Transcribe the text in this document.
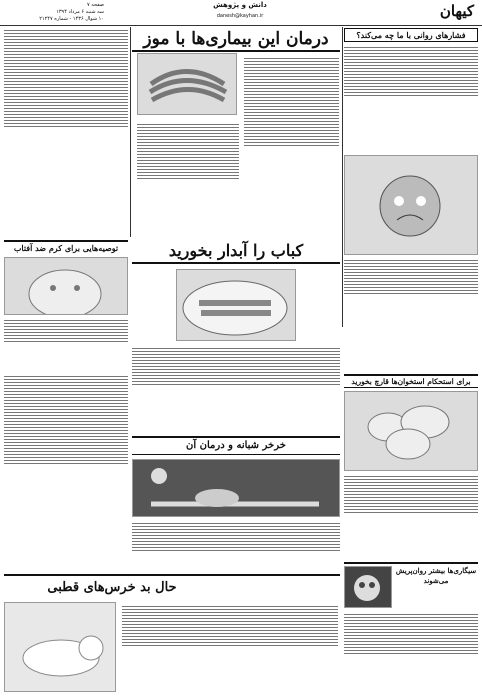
کیهان
دانش و پژوهش
danesh@kayhan.ir
صفحه ۷
سه شنبه ۶ مرداد ۱۳۹۴
۱۰ شوال ۱۴۳۶ - شماره ۲۱۲۴۷
درمان این بیماری‌ها با موز	فشارهای روانی با ما چه می‌کند؟
توصیه‌هایی برای کرم ضد آفتاب	کباب را آبدار بخورید
برای استحکام استخوان‌ها قارچ بخورید
خرخر شبانه و درمان آن
حال بد خرس‌های قطبی
سیگاری‌ها بیشتر روان‌پریش می‌شوند
